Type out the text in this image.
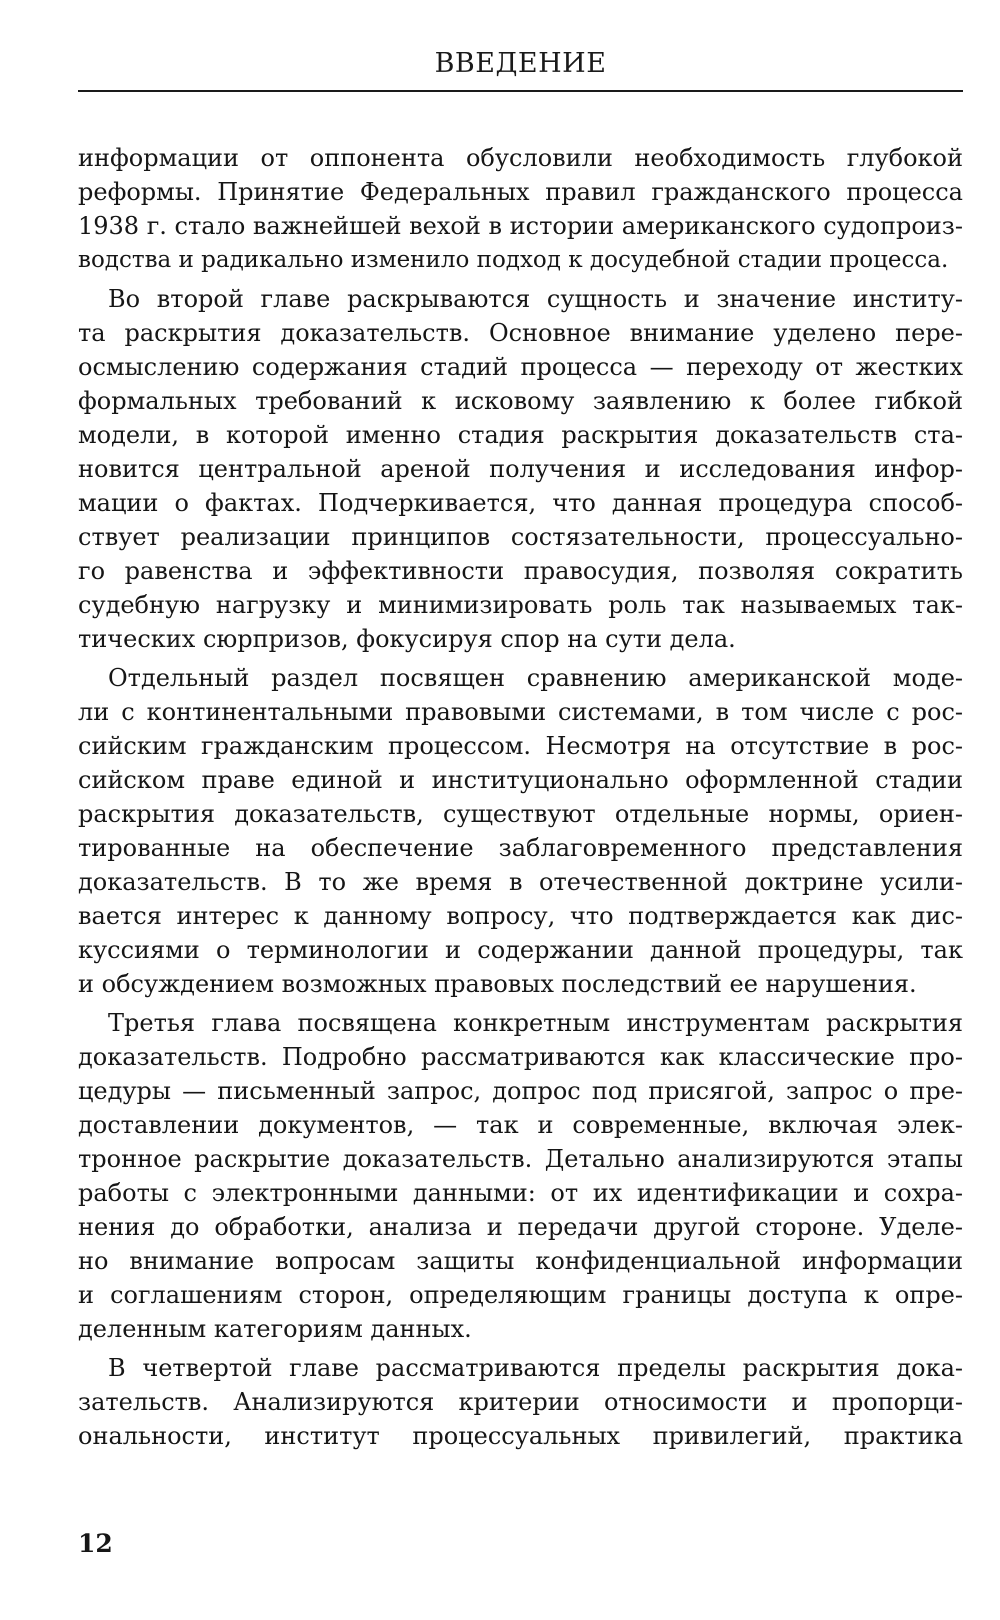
ВВЕДЕНИЕ
информации от оппонента обусловили необходимость глубокой
реформы. Принятие Федеральных правил гражданского процесса
1938 г. стало важнейшей вехой в истории американского судопроиз-
водства и радикально изменило подход к досудебной стадии процесса.
Во второй главе раскрываются сущность и значение институ-
та раскрытия доказательств. Основное внимание уделено пере-
осмыслению содержания стадий процесса — переходу от жестких
формальных требований к исковому заявлению к более гибкой
модели, в которой именно стадия раскрытия доказательств ста-
новится центральной ареной получения и исследования инфор-
мации о фактах. Подчеркивается, что данная процедура способ-
ствует реализации принципов состязательности, процессуально-
го равенства и эффективности правосудия, позволяя сократить
судебную нагрузку и минимизировать роль так называемых так-
тических сюрпризов, фокусируя спор на сути дела.
Отдельный раздел посвящен сравнению американской моде-
ли с континентальными правовыми системами, в том числе с рос-
сийским гражданским процессом. Несмотря на отсутствие в рос-
сийском праве единой и институционально оформленной стадии
раскрытия доказательств, существуют отдельные нормы, ориен-
тированные на обеспечение заблаговременного представления
доказательств. В то же время в отечественной доктрине усили-
вается интерес к данному вопросу, что подтверждается как дис-
куссиями о терминологии и содержании данной процедуры, так
и обсуждением возможных правовых последствий ее нарушения.
Третья глава посвящена конкретным инструментам раскрытия
доказательств. Подробно рассматриваются как классические про-
цедуры — письменный запрос, допрос под присягой, запрос о пре-
доставлении документов, — так и современные, включая элек-
тронное раскрытие доказательств. Детально анализируются этапы
работы с электронными данными: от их идентификации и сохра-
нения до обработки, анализа и передачи другой стороне. Уделе-
но внимание вопросам защиты конфиденциальной информации
и соглашениям сторон, определяющим границы доступа к опре-
деленным категориям данных.
В четвертой главе рассматриваются пределы раскрытия дока-
зательств. Анализируются критерии относимости и пропорци-
ональности, институт процессуальных привилегий, практика
12
